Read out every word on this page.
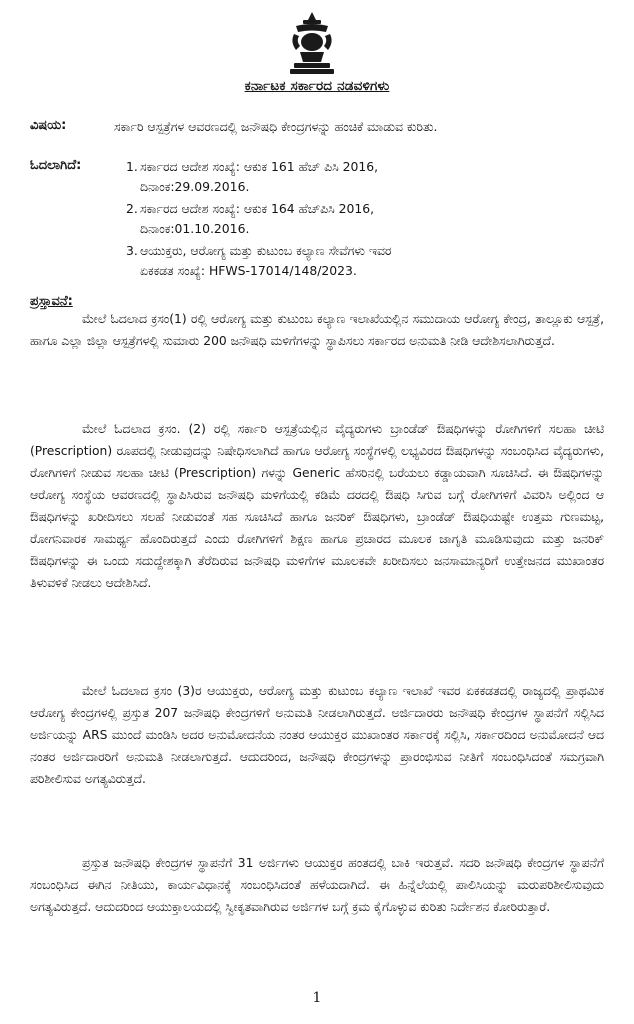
ಕರ್ನಾಟಕ ಸರ್ಕಾರದ ನಡವಳಿಗಳು
ವಿಷಯ:	ಸರ್ಕಾರಿ ಆಸ್ಪತ್ರೆಗಳ ಆವರಣದಲ್ಲಿ ಜನೌಷಧಿ ಕೇಂದ್ರಗಳನ್ನು ಹಂಚಿಕೆ ಮಾಡುವ ಕುರಿತು.
ಓದಲಾಗಿದೆ:	1. ಸರ್ಕಾರದ ಆದೇಶ ಸಂಖ್ಯೆ: ಆಕುಕ 161 ಹೆಚ್ ಪಿಸಿ 2016,
ದಿನಾಂಕ:29.09.2016.
2. ಸರ್ಕಾರದ ಆದೇಶ ಸಂಖ್ಯೆ: ಆಕುಕ 164 ಹೆಚ್‌ಪಿಸಿ 2016,
ದಿನಾಂಕ:01.10.2016.
3. ಆಯುಕ್ತರು, ಆರೋಗ್ಯ ಮತ್ತು ಕುಟುಂಬ ಕಲ್ಯಾಣ ಸೇವೆಗಳು ಇವರ
ಏಕಕಡತ ಸಂಖ್ಯೆ: HFWS-17014/148/2023.
ಪ್ರಸ್ತಾವನೆ:

ಮೇಲೆ ಓದಲಾದ ಕ್ರಸಂ(1) ರಲ್ಲಿ ಆರೋಗ್ಯ ಮತ್ತು ಕುಟುಂಬ ಕಲ್ಯಾಣ ಇಲಾಖೆಯಲ್ಲಿನ ಸಮುದಾಯ ಆರೋಗ್ಯ ಕೇಂದ್ರ, ತಾಲ್ಲೂಕು ಆಸ್ಪತ್ರೆ, ಹಾಗೂ ಎಲ್ಲಾ ಜಿಲ್ಲಾ ಆಸ್ಪತ್ರೆಗಳಲ್ಲಿ ಸುಮಾರು 200 ಜನೌಷಧಿ ಮಳಿಗೆಗಳನ್ನು ಸ್ಥಾಪಿಸಲು ಸರ್ಕಾರದ ಅನುಮತಿ ನೀಡಿ ಆದೇಶಿಸಲಾಗಿರುತ್ತದೆ.

ಮೇಲೆ ಓದಲಾದ ಕ್ರಸಂ. (2) ರಲ್ಲಿ ಸರ್ಕಾರಿ ಆಸ್ಪತ್ರೆಯಲ್ಲಿನ ವೈದ್ಯರುಗಳು ಬ್ರಾಂಡೆಡ್ ಔಷಧಿಗಳನ್ನು ರೋಗಿಗಳಿಗೆ ಸಲಹಾ ಚೀಟಿ (Prescription) ರೂಪದಲ್ಲಿ ನೀಡುವುದನ್ನು ನಿಷೇಧಿಸಲಾಗಿದೆ ಹಾಗೂ ಆರೋಗ್ಯ ಸಂಸ್ಥೆಗಳಲ್ಲಿ ಲಭ್ಯವಿರದ ಔಷಧಿಗಳನ್ನು ಸಂಬಂಧಿಸಿದ ವೈದ್ಯರುಗಳು, ರೋಗಿಗಳಿಗೆ ನೀಡುವ ಸಲಹಾ ಚೀಟಿ (Prescription) ಗಳನ್ನು Generic ಹೆಸರಿನಲ್ಲಿ ಬರೆಯಲು ಕಡ್ಡಾಯವಾಗಿ ಸೂಚಿಸಿದೆ. ಈ ಔಷಧಿಗಳನ್ನು ಆರೋಗ್ಯ ಸಂಸ್ಥೆಯ ಆವರಣದಲ್ಲಿ ಸ್ಥಾಪಿಸಿರುವ ಜನೌಷಧಿ ಮಳಿಗೆಯಲ್ಲಿ ಕಡಿಮೆ ದರದಲ್ಲಿ ಔಷಧಿ ಸಿಗುವ ಬಗ್ಗೆ ರೋಗಿಗಳಿಗೆ ವಿವರಿಸಿ ಅಲ್ಲಿಂದ ಆ ಔಷಧಿಗಳನ್ನು ಖರೀದಿಸಲು ಸಲಹೆ ನೀಡುವಂತೆ ಸಹ ಸೂಚಿಸಿದೆ ಹಾಗೂ ಜನರಿಕ್ ಔಷಧಿಗಳು, ಬ್ರಾಂಡೆಡ್ ಔಷಧಿಯಷ್ಟೇ ಉತ್ತಮ ಗುಣಮಟ್ಟ, ರೋಗನಿವಾರಕ ಸಾಮರ್ಥ್ಯ ಹೊಂದಿರುತ್ತದೆ ಎಂದು ರೋಗಿಗಳಿಗೆ ಶಿಕ್ಷಣ ಹಾಗೂ ಪ್ರಚಾರದ ಮೂಲಕ ಜಾಗೃತಿ ಮೂಡಿಸುವುದು ಮತ್ತು ಜನರಿಕ್ ಔಷಧಿಗಳನ್ನು ಈ ಒಂದು ಸದುದ್ದೇಶಕ್ಕಾಗಿ ತೆರೆದಿರುವ ಜನೌಷಧಿ ಮಳಿಗೆಗಳ ಮೂಲಕವೇ ಖರೀದಿಸಲು ಜನಸಾಮಾನ್ಯರಿಗೆ ಉತ್ತೇಜನದ ಮುಖಾಂತರ ತಿಳುವಳಿಕೆ ನೀಡಲು ಆದೇಶಿಸಿದೆ.

ಮೇಲೆ ಓದಲಾದ ಕ್ರಸಂ (3)ರ ಆಯುಕ್ತರು, ಆರೋಗ್ಯ ಮತ್ತು ಕುಟುಂಬ ಕಲ್ಯಾಣ ಇಲಾಖೆ ಇವರ ಏಕಕಡತದಲ್ಲಿ ರಾಜ್ಯದಲ್ಲಿ ಪ್ರಾಥಮಿಕ ಆರೋಗ್ಯ ಕೇಂದ್ರಗಳಲ್ಲಿ ಪ್ರಸ್ತುತ 207 ಜನೌಷಧಿ ಕೇಂದ್ರಗಳಿಗೆ ಅನುಮತಿ ನೀಡಲಾಗಿರುತ್ತದೆ. ಅರ್ಜಿದಾರರು ಜನೌಷಧಿ ಕೇಂದ್ರಗಳ ಸ್ಥಾಪನೆಗೆ ಸಲ್ಲಿಸಿದ ಅರ್ಜಿಯನ್ನು ARS ಮುಂದೆ ಮಂಡಿಸಿ ಅದರ ಅನುಮೋದನೆಯ ನಂತರ ಆಯುಕ್ತರ ಮುಖಾಂತರ ಸರ್ಕಾರಕ್ಕೆ ಸಲ್ಲಿಸಿ, ಸರ್ಕಾರದಿಂದ ಅನುಮೋದನೆ ಆದ ನಂತರ ಅರ್ಜಿದಾರರಿಗೆ ಅನುಮತಿ ನೀಡಲಾಗುತ್ತದೆ. ಆದುದರಿಂದ, ಜನೌಷಧಿ ಕೇಂದ್ರಗಳನ್ನು ಪ್ರಾರಂಭಿಸುವ ನೀತಿಗೆ ಸಂಬಂಧಿಸಿದಂತೆ ಸಮಗ್ರವಾಗಿ ಪರಿಶೀಲಿಸುವ ಅಗತ್ಯವಿರುತ್ತದೆ.

ಪ್ರಸ್ತುತ ಜನೌಷಧಿ ಕೇಂದ್ರಗಳ ಸ್ಥಾಪನೆಗೆ 31 ಅರ್ಜಿಗಳು ಆಯುಕ್ತರ ಹಂತದಲ್ಲಿ ಬಾಕಿ ಇರುತ್ತವೆ. ಸದರಿ ಜನೌಷಧಿ ಕೇಂದ್ರಗಳ ಸ್ಥಾಪನೆಗೆ ಸಂಬಂಧಿಸಿದ ಈಗಿನ ನೀತಿಯು, ಕಾರ್ಯವಿಧಾನಕ್ಕೆ ಸಂಬಂಧಿಸಿದಂತೆ ಹಳೆಯದಾಗಿದೆ. ಈ ಹಿನ್ನೆಲೆಯಲ್ಲಿ ಪಾಲಿಸಿಯನ್ನು ಮರುಪರಿಶೀಲಿಸುವುದು ಅಗತ್ಯವಿರುತ್ತದೆ. ಆದುದರಿಂದ ಆಯುಕ್ತಾಲಯದಲ್ಲಿ ಸ್ವೀಕೃತವಾಗಿರುವ ಅರ್ಜಿಗಳ ಬಗ್ಗೆ ಕ್ರಮ ಕೈಗೊಳ್ಳುವ ಕುರಿತು ನಿರ್ದೇಶನ ಕೋರಿರುತ್ತಾರೆ.

1
